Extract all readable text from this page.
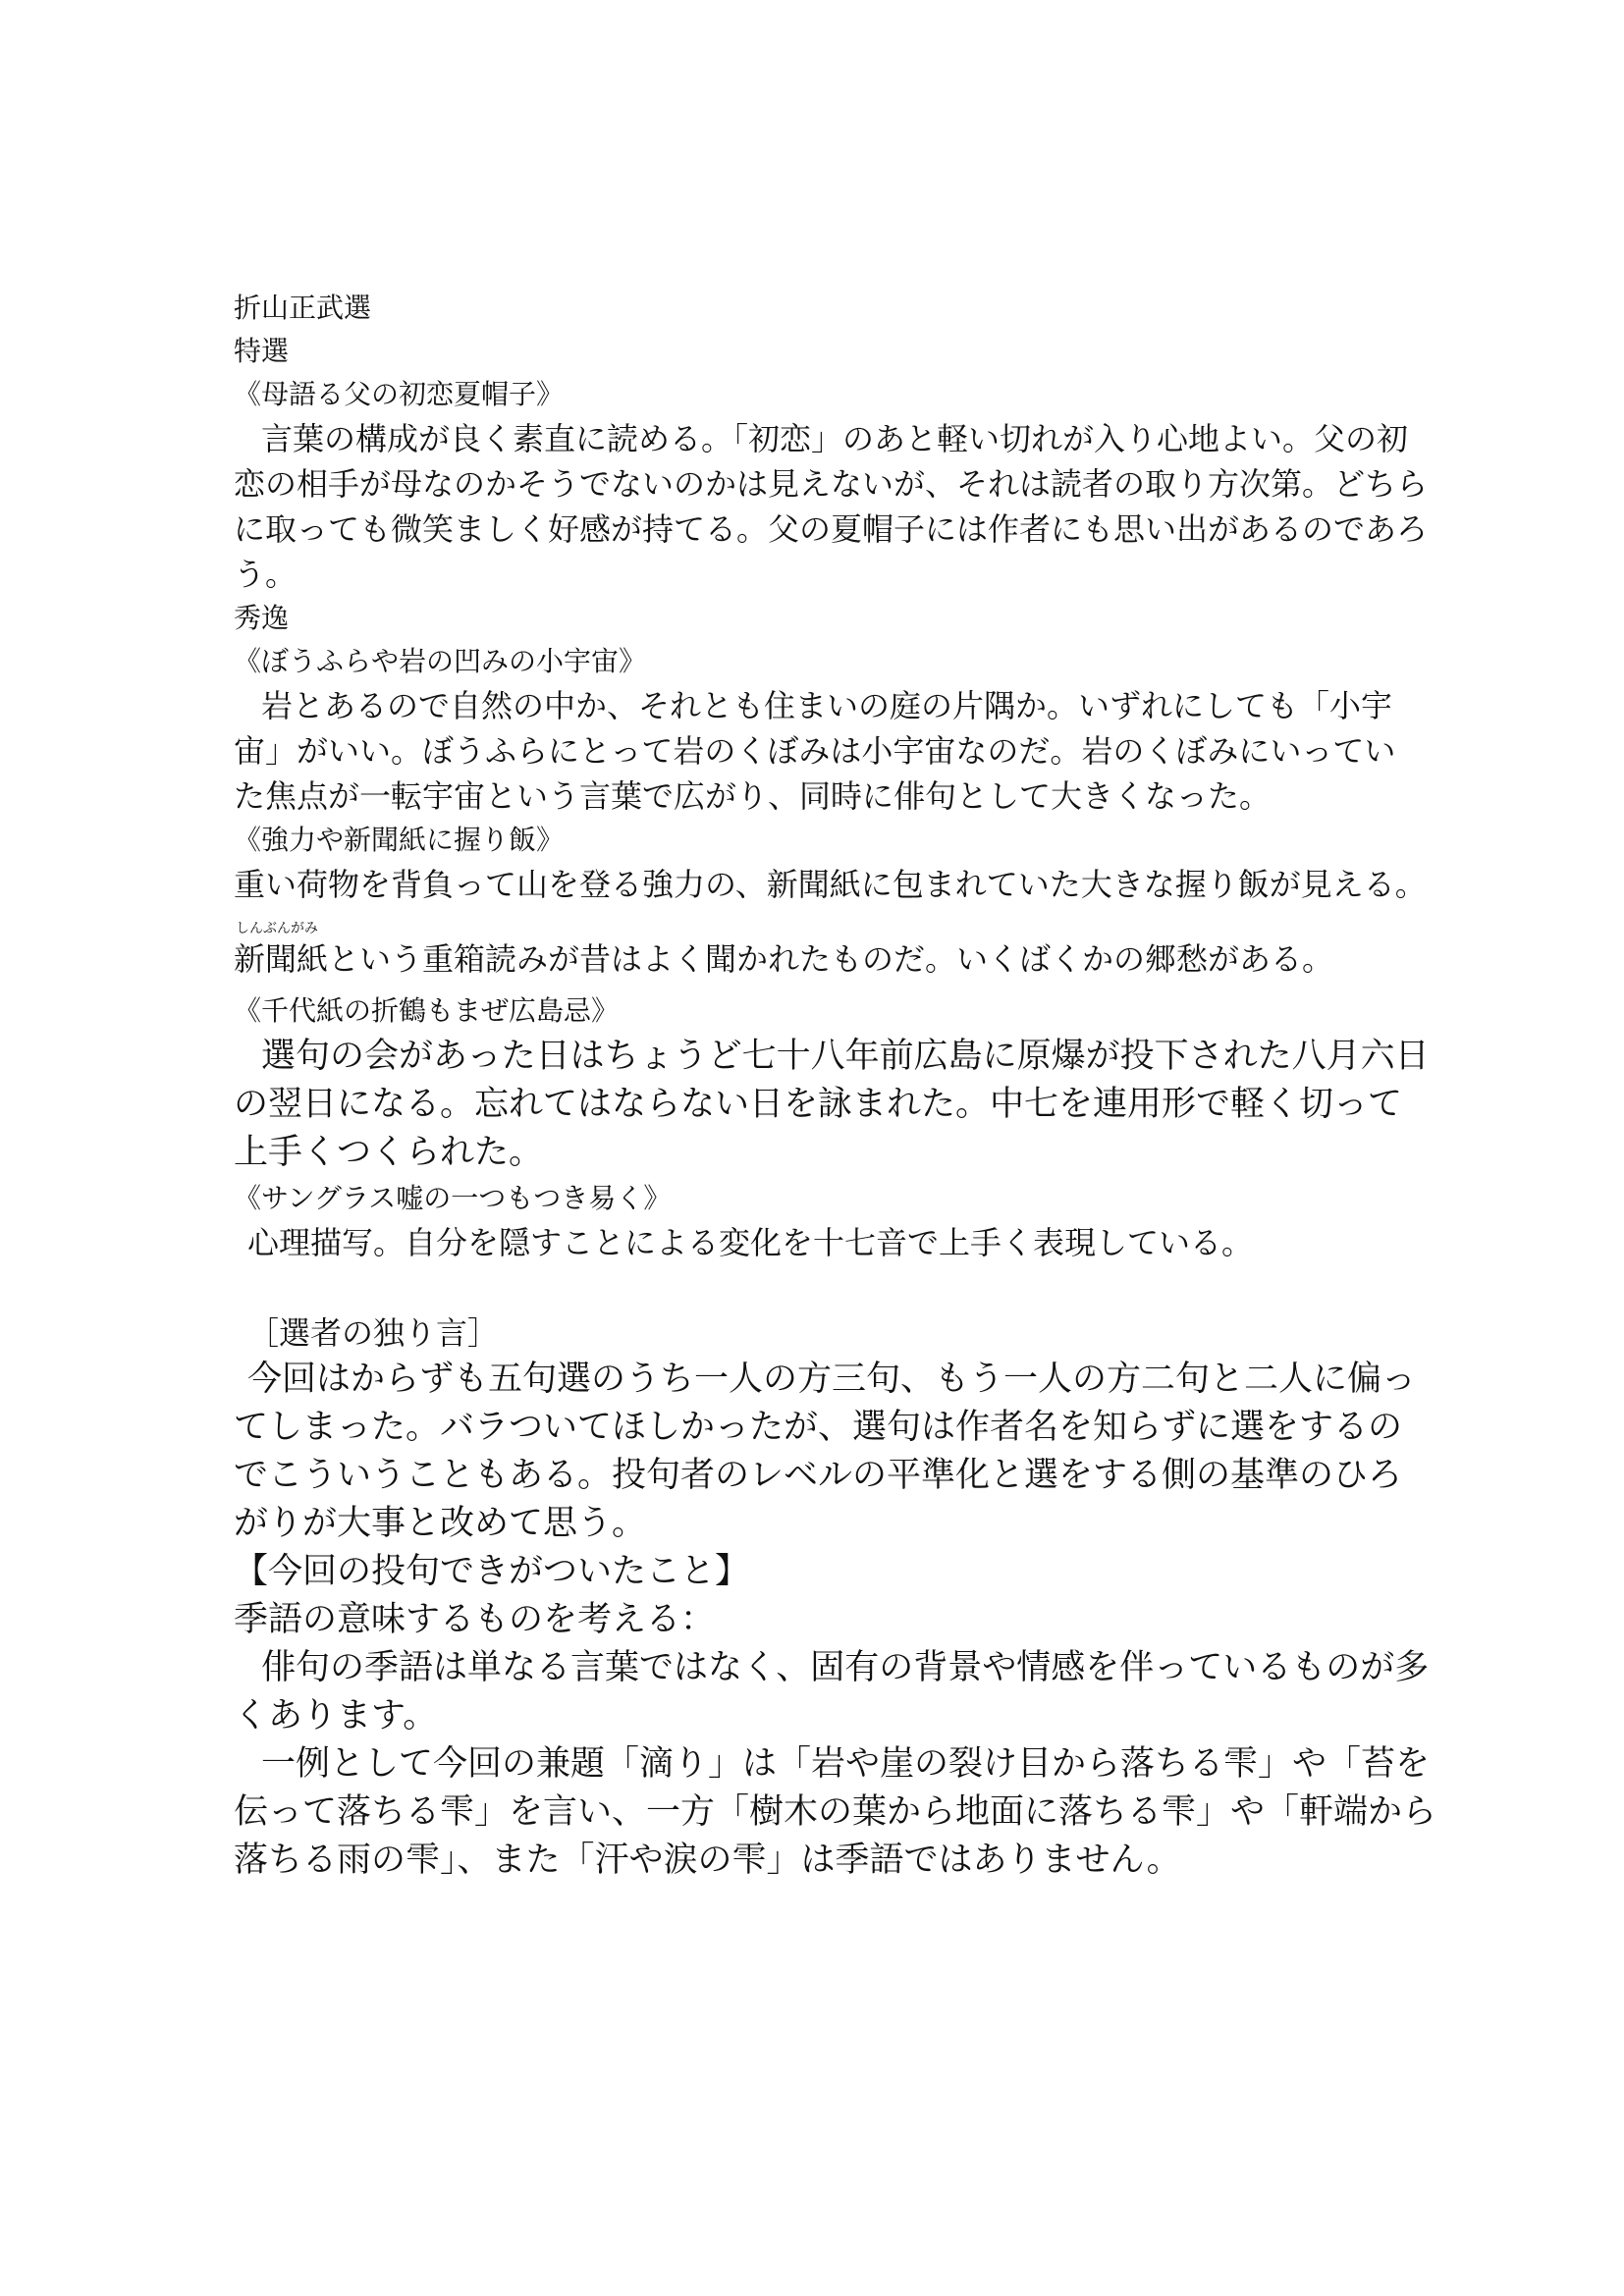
折山正武選
特選
《母語る父の初恋夏帽子》
言葉の構成が良く素直に読める。「初恋」のあと軽い切れが入り心地よい。父の初
恋の相手が母なのかそうでないのかは見えないが、それは読者の取り方次第。どちら
に取っても微笑ましく好感が持てる。父の夏帽子には作者にも思い出があるのであろ
う。
秀逸
《ぼうふらや岩の凹みの小宇宙》
岩とあるので自然の中か、それとも住まいの庭の片隅か。いずれにしても「小宇
宙」がいい。ぼうふらにとって岩のくぼみは小宇宙なのだ。岩のくぼみにいってい
た焦点が一転宇宙という言葉で広がり、同時に俳句として大きくなった。
《強力や新聞紙に握り飯》
重い荷物を背負って山を登る強力の、新聞紙に包まれていた大きな握り飯が見える。
しんぶんがみ
新聞紙という重箱読みが昔はよく聞かれたものだ。いくばくかの郷愁がある。
《千代紙の折鶴もまぜ広島忌》
選句の会があった日はちょうど七十八年前広島に原爆が投下された八月六日
の翌日になる。忘れてはならない日を詠まれた。中七を連用形で軽く切って
上手くつくられた。
《サングラス嘘の一つもつき易く》
心理描写。自分を隠すことによる変化を十七音で上手く表現している。
［選者の独り言］
今回はからずも五句選のうち一人の方三句、もう一人の方二句と二人に偏っ
てしまった。バラついてほしかったが、選句は作者名を知らずに選をするの
でこういうこともある。投句者のレベルの平準化と選をする側の基準のひろ
がりが大事と改めて思う。
【今回の投句できがついたこと】
季語の意味するものを考える：
俳句の季語は単なる言葉ではなく、固有の背景や情感を伴っているものが多
くあります。
一例として今回の兼題「滴り」は「岩や崖の裂け目から落ちる雫」や「苔を
伝って落ちる雫」を言い、一方「樹木の葉から地面に落ちる雫」や「軒端から
落ちる雨の雫」、また「汗や涙の雫」は季語ではありません。
